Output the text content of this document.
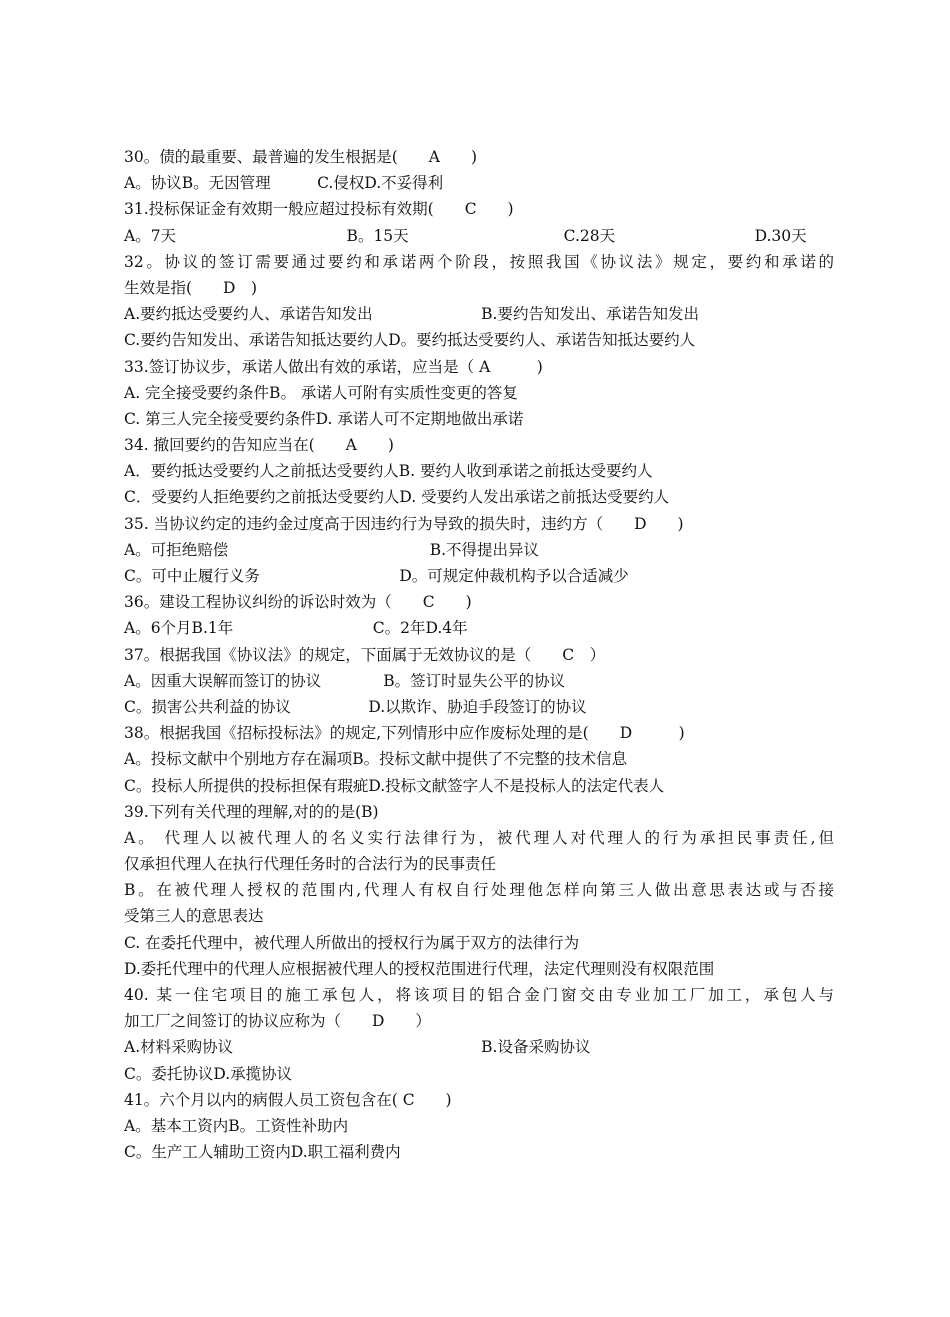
30。债的最重要、最普遍的发生根据是(　　A　　)
A。协议B。无因管理　　　C.侵权D.不妥得利
31.投标保证金有效期一般应超过投标有效期(　　C　　)
A。7天　　　　　　　　　　　B。15天　　　　　　　　　　C.28天　　　　　　　　　D.30天
32。协议的签订需要通过要约和承诺两个阶段，按照我国《协议法》规定，要约和承诺的
生效是指(　　D　)
A.要约抵达受要约人、承诺告知发出　　　　　　　B.要约告知发出、承诺告知发出
C.要约告知发出、承诺告知抵达要约人D。要约抵达受要约人、承诺告知抵达要约人
33.签订协议步，承诺人做出有效的承诺，应当是（ A　　　)
A. 完全接受要约条件B。 承诺人可附有实质性变更的答复
C. 第三人完全接受要约条件D. 承诺人可不定期地做出承诺
34. 撤回要约的告知应当在(　　A　　)
A．要约抵达受要约人之前抵达受要约人B. 要约人收到承诺之前抵达受要约人
C．受要约人拒绝要约之前抵达受要约人D. 受要约人发出承诺之前抵达受要约人
35. 当协议约定的违约金过度高于因违约行为导致的损失时，违约方（　　D　　)
A。可拒绝赔偿　　　　　　　　　　　　　B.不得提出异议
C。可中止履行义务　　　　　　　　　D。可规定仲裁机构予以合适减少
36。建设工程协议纠纷的诉讼时效为（　　C　　)
A。6个月B.1年　　　　　　　　　C。2年D.4年
37。根据我国《协议法》的规定，下面属于无效协议的是（　　C　）
A。因重大误解而签订的协议　　　　B。签订时显失公平的协议
C。损害公共利益的协议　　　　　D.以欺诈、胁迫手段签订的协议
38。根据我国《招标投标法》的规定,下列情形中应作废标处理的是(　　D　　　)
A。投标文献中个别地方存在漏项B。投标文献中提供了不完整的技术信息
C。投标人所提供的投标担保有瑕疵D.投标文献签字人不是投标人的法定代表人
39.下列有关代理的理解,对的的是(B)
A。 代理人以被代理人的名义实行法律行为，被代理人对代理人的行为承担民事责任,但
仅承担代理人在执行代理任务时的合法行为的民事责任
B。在被代理人授权的范围内,代理人有权自行处理他怎样向第三人做出意思表达或与否接
受第三人的意思表达
C. 在委托代理中，被代理人所做出的授权行为属于双方的法律行为
D.委托代理中的代理人应根据被代理人的授权范围进行代理，法定代理则没有权限范围
40. 某一住宅项目的施工承包人，将该项目的铝合金门窗交由专业加工厂加工，承包人与
加工厂之间签订的协议应称为（　　D　　）
A.材料采购协议　　　　　　　　　　　　　　　　B.设备采购协议
C。委托协议D.承揽协议
41。六个月以内的病假人员工资包含在( C　　)
A。基本工资内B。工资性补助内
C。生产工人辅助工资内D.职工福利费内
